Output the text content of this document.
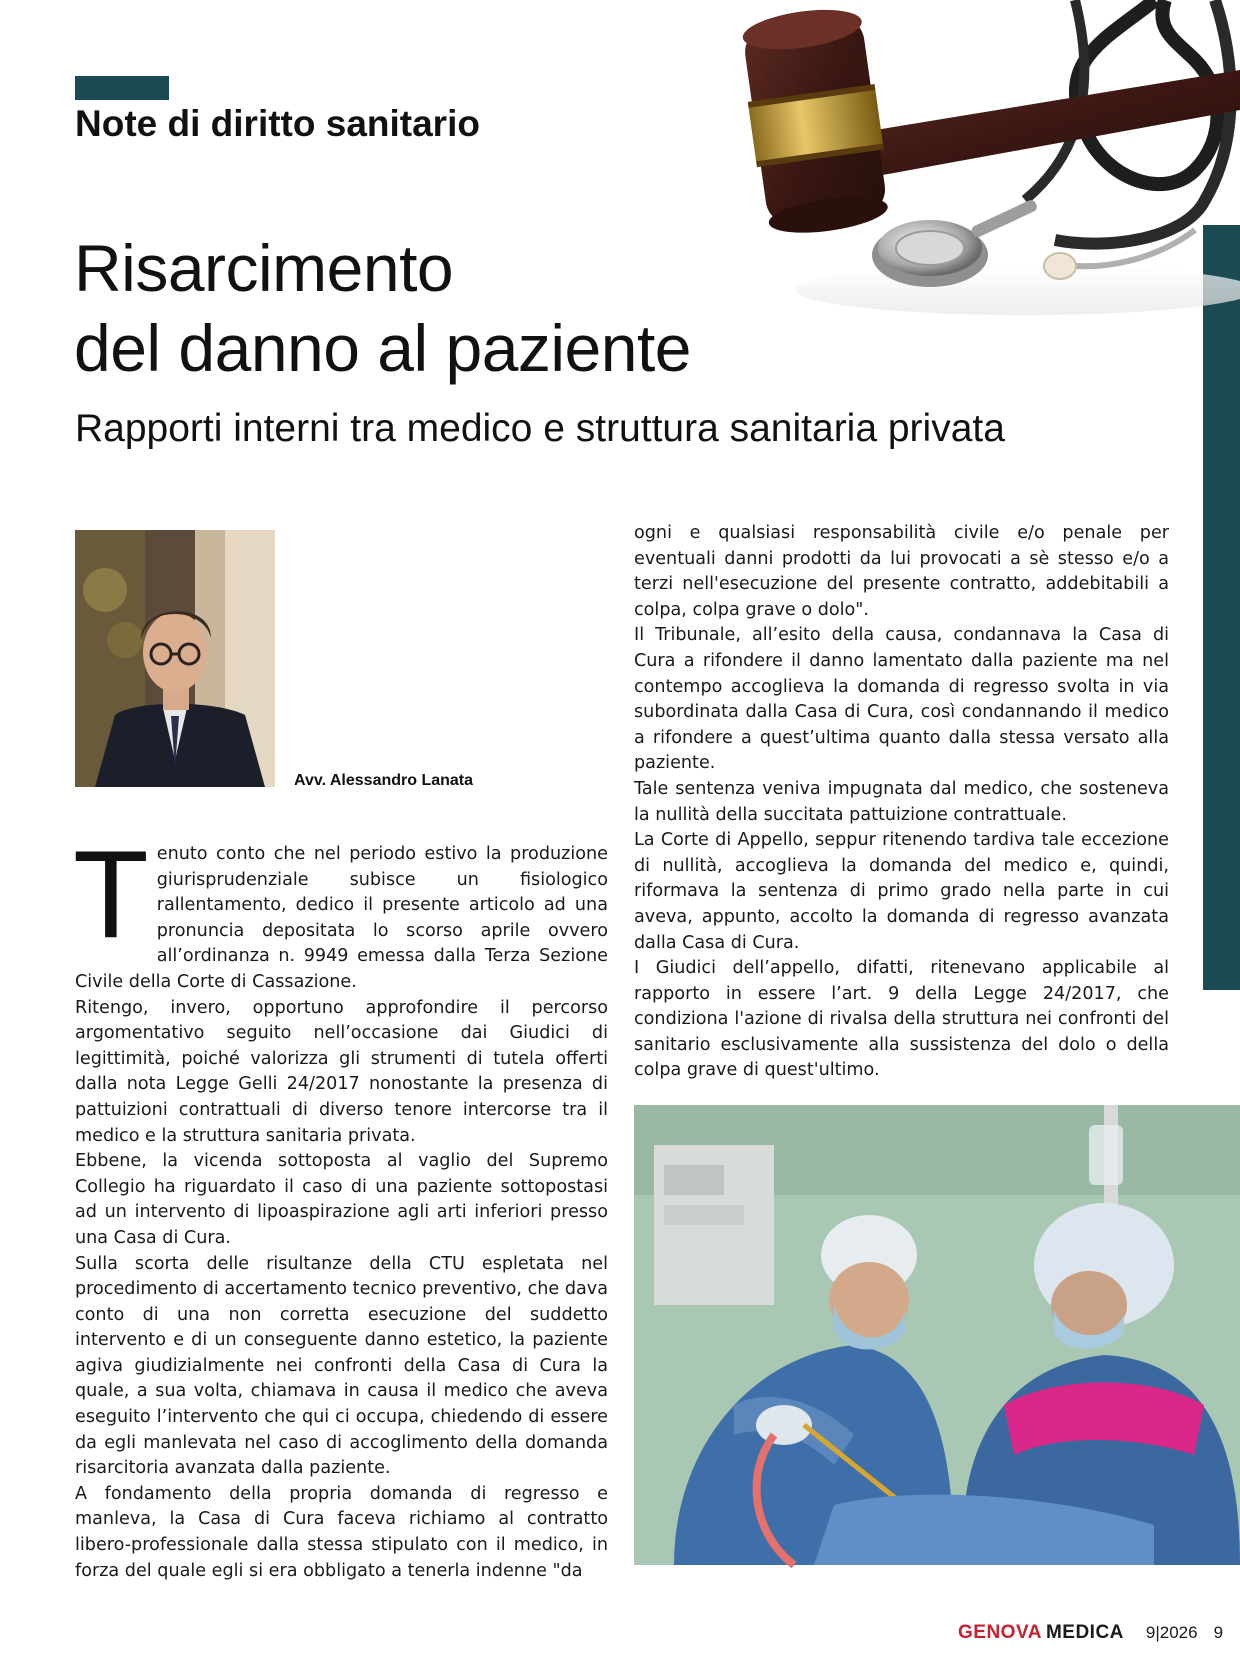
Note di diritto sanitario
Risarcimento
del danno al paziente
Rapporti interni tra medico e struttura sanitaria privata
Avv. Alessandro Lanata
T enuto conto che nel periodo estivo la produzione giurisprudenziale subisce un fisiologico rallentamento, dedico il presente articolo ad una pronuncia depositata lo scorso aprile ovvero all’ordinanza n. 9949 emessa dalla Terza Sezione Civile della Corte di Cassazione.

Ritengo, invero, opportuno approfondire il percorso argomentativo seguito nell’occasione dai Giudici di legittimità, poiché valorizza gli strumenti di tutela offerti dalla nota Legge Gelli 24/2017 nonostante la presenza di pattuizioni contrattuali di diverso tenore intercorse tra il medico e la struttura sanitaria privata.

Ebbene, la vicenda sottoposta al vaglio del Supremo Collegio ha riguardato il caso di una paziente sottopostasi ad un intervento di lipoaspirazione agli arti inferiori presso una Casa di Cura.

Sulla scorta delle risultanze della CTU espletata nel procedimento di accertamento tecnico preventivo, che dava conto di una non corretta esecuzione del suddetto intervento e di un conseguente danno estetico, la paziente agiva giudizialmente nei confronti della Casa di Cura la quale, a sua volta, chiamava in causa il medico che aveva eseguito l’intervento che qui ci occupa, chiedendo di essere da egli manlevata nel caso di accoglimento della domanda risarcitoria avanzata dalla paziente.

A fondamento della propria domanda di regresso e manleva, la Casa di Cura faceva richiamo al contratto libero-professionale dalla stessa stipulato con il medico, in forza del quale egli si era obbligato a tenerla indenne "da

ogni e qualsiasi responsabilità civile e/o penale per eventuali danni prodotti da lui provocati a sè stesso e/o a terzi nell'esecuzione del presente contratto, addebitabili a colpa, colpa grave o dolo".

Il Tribunale, all’esito della causa, condannava la Casa di Cura a rifondere il danno lamentato dalla paziente ma nel contempo accoglieva la domanda di regresso svolta in via subordinata dalla Casa di Cura, così condannando il medico a rifondere a quest’ultima quanto dalla stessa versato alla paziente.

Tale sentenza veniva impugnata dal medico, che sosteneva la nullità della succitata pattuizione contrattuale.

La Corte di Appello, seppur ritenendo tardiva tale eccezione di nullità, accoglieva la domanda del medico e, quindi, riformava la sentenza di primo grado nella parte in cui aveva, appunto, accolto la domanda di regresso avanzata dalla Casa di Cura.

I Giudici dell’appello, difatti, ritenevano applicabile al rapporto in essere l’art. 9 della Legge 24/2017, che condiziona l'azione di rivalsa della struttura nei confronti del sanitario esclusivamente alla sussistenza del dolo o della colpa grave di quest'ultimo.

GENOVA MEDICA 9|2026 9
